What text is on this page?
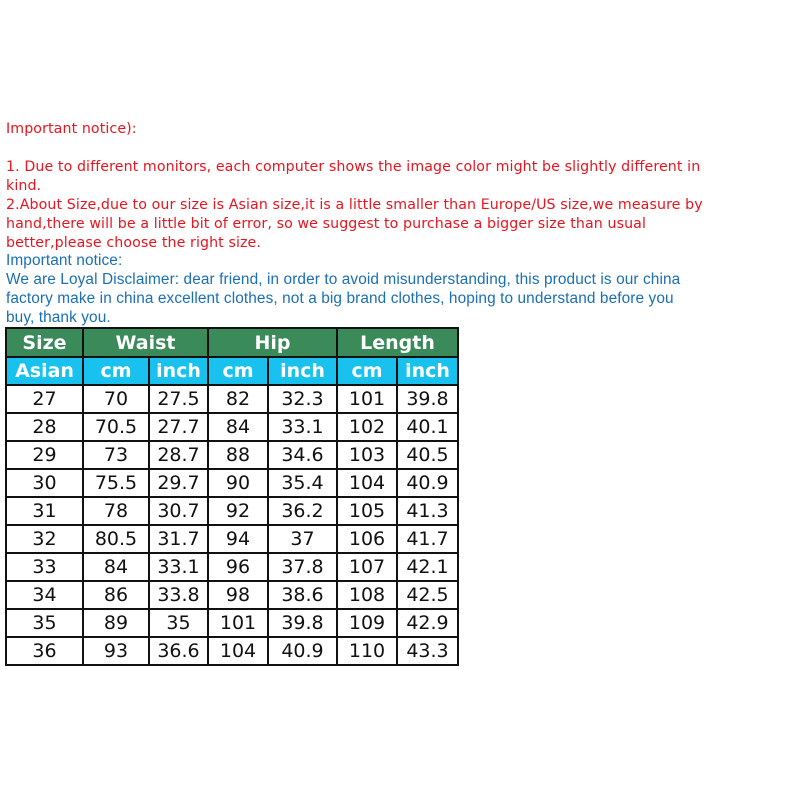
Important notice):

1. Due to different monitors, each computer shows the image color might be slightly different in

kind.

2.About Size,due to our size is Asian size,it is a little smaller than Europe/US size,we measure by

hand,there will be a little bit of error, so we suggest to purchase a bigger size than usual

better,please choose the right size.

Important notice:

We are Loyal Disclaimer: dear friend, in order to avoid misunderstanding, this product is our china

factory make in china excellent clothes, not a big brand clothes, hoping to understand before you

buy, thank you.

Size	Waist		Hip		Length	
Asian	cm	inch	cm	inch	cm	inch
27	70	27.5	82	32.3	101	39.8
28	70.5	27.7	84	33.1	102	40.1
29	73	28.7	88	34.6	103	40.5
30	75.5	29.7	90	35.4	104	40.9
31	78	30.7	92	36.2	105	41.3
32	80.5	31.7	94	37	106	41.7
33	84	33.1	96	37.8	107	42.1
34	86	33.8	98	38.6	108	42.5
35	89	35	101	39.8	109	42.9
36	93	36.6	104	40.9	110	43.3
